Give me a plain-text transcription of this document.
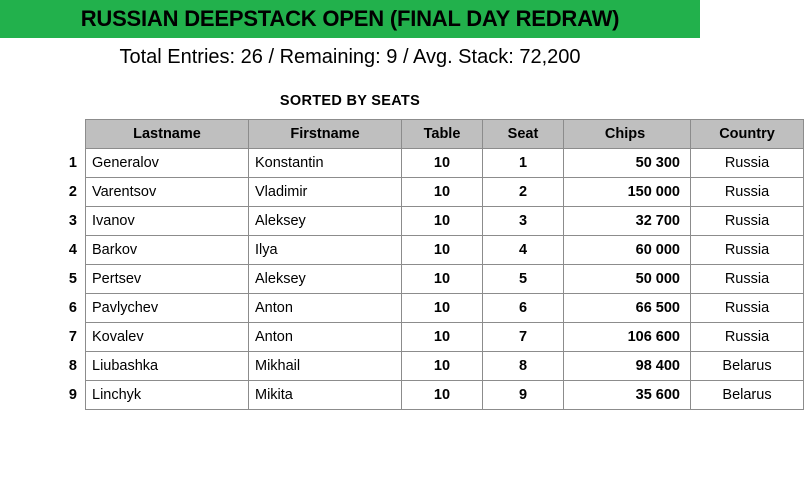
RUSSIAN DEEPSTACK OPEN (FINAL DAY REDRAW)
Total Entries: 26 / Remaining: 9 / Avg. Stack: 72,200
SORTED BY SEATS
	Lastname	Firstname	Table	Seat	Chips	Country
1	Generalov	Konstantin	10	1	50 300	Russia
2	Varentsov	Vladimir	10	2	150 000	Russia
3	Ivanov	Aleksey	10	3	32 700	Russia
4	Barkov	Ilya	10	4	60 000	Russia
5	Pertsev	Aleksey	10	5	50 000	Russia
6	Pavlychev	Anton	10	6	66 500	Russia
7	Kovalev	Anton	10	7	106 600	Russia
8	Liubashka	Mikhail	10	8	98 400	Belarus
9	Linchyk	Mikita	10	9	35 600	Belarus
